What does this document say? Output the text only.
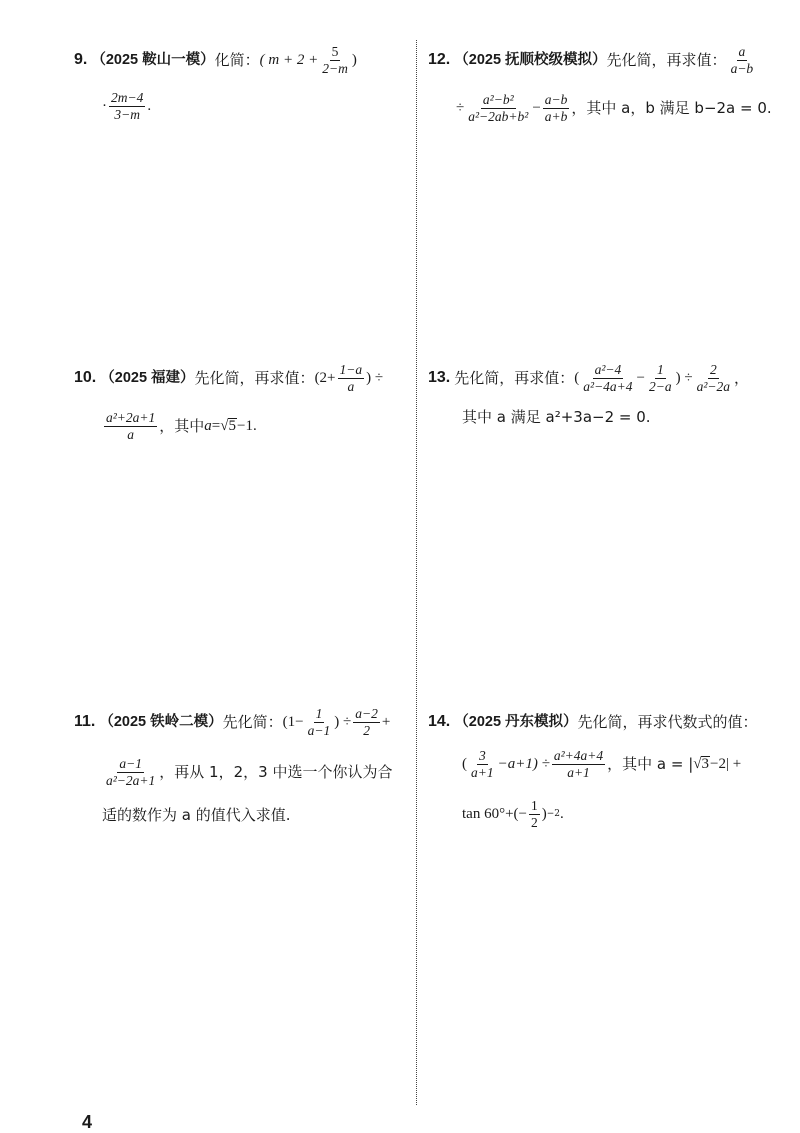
9. （2025 鞍山一模） 化简： ( $m + 2 + \frac{5}{2-m}$ )
· $\frac{2m-4}{3-m}$ .
12. （2025 抚顺校级模拟） 先化简，再求值： $\frac{a}{a-b}$
÷ $\frac{\text{a²−b²}}{\text{a²−2ab+b²}} - \frac{a-b}{a+b}$ ，其中 a，b 满足 b−2a = 0.
10. （2025 福建） 先化简，再求值： ($2+ \frac{1-a}{a}$ ) ÷
$\frac{\text{a²+2a+1}}{a}$ ，其中 a = √ 5 −1.
13. 先化简，再求值： ( $\frac{\text{a²−4}}{\text{a²−4a+4}} - \frac{1}{2-a}$ ) ÷ $\frac{2}{\text{a²−2a}}$ ，
其中 a 满足 a²+3a−2 = 0.
11. （2025 铁岭二模） 先化简： ($1- \frac{1}{a-1}$ ) ÷ $\frac{a-2}{2}$ +
$\frac{a-1}{\text{a²−2a+1}}$ ，再从 1，2，3 中选一个你认为合
适的数作为 a 的值代入求值.
14. （2025 丹东模拟） 先化简，再求代数式的值：
( $\frac{3}{a+1} -a+1) \div \frac{\text{a²+4a+4}}{a+1}$ ，其中 a = | √ 3 −2| +
$\tan 60^\circ+(- \frac{1}{2}$ ) −2 .
4
